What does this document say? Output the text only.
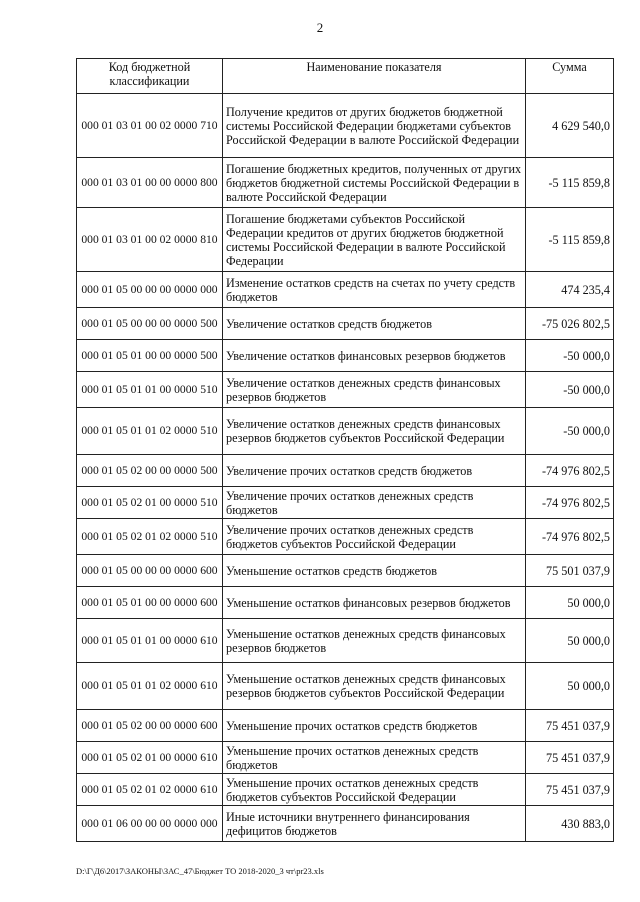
2
Код бюджетной классификации	Наименование показателя	Сумма
000 01 03 01 00 02 0000 710	Получение кредитов от других бюджетов бюджетной системы Российской Федерации бюджетами субъектов Российской Федерации в валюте Российской Федерации	4 629 540,0
000 01 03 01 00 00 0000 800	Погашение бюджетных кредитов, полученных от других бюджетов бюджетной системы Российской Федерации в валюте Российской Федерации	-5 115 859,8
000 01 03 01 00 02 0000 810	Погашение бюджетами субъектов Российской Федерации кредитов от других бюджетов бюджетной системы Российской Федерации в валюте Российской Федерации	-5 115 859,8
000 01 05 00 00 00 0000 000	Изменение остатков средств на счетах по учету средств бюджетов	474 235,4
000 01 05 00 00 00 0000 500	Увеличение остатков средств бюджетов	-75 026 802,5
000 01 05 01 00 00 0000 500	Увеличение остатков финансовых резервов бюджетов	-50 000,0
000 01 05 01 01 00 0000 510	Увеличение остатков денежных средств финансовых резервов бюджетов	-50 000,0
000 01 05 01 01 02 0000 510	Увеличение остатков денежных средств финансовых резервов бюджетов субъектов Российской Федерации	-50 000,0
000 01 05 02 00 00 0000 500	Увеличение прочих остатков средств бюджетов	-74 976 802,5
000 01 05 02 01 00 0000 510	Увеличение прочих остатков денежных средств бюджетов	-74 976 802,5
000 01 05 02 01 02 0000 510	Увеличение прочих остатков денежных средств бюджетов субъектов Российской Федерации	-74 976 802,5
000 01 05 00 00 00 0000 600	Уменьшение остатков средств бюджетов	75 501 037,9
000 01 05 01 00 00 0000 600	Уменьшение остатков финансовых резервов бюджетов	50 000,0
000 01 05 01 01 00 0000 610	Уменьшение остатков денежных средств финансовых резервов бюджетов	50 000,0
000 01 05 01 01 02 0000 610	Уменьшение остатков денежных средств финансовых резервов бюджетов субъектов Российской Федерации	50 000,0
000 01 05 02 00 00 0000 600	Уменьшение прочих остатков средств бюджетов	75 451 037,9
000 01 05 02 01 00 0000 610	Уменьшение прочих остатков денежных средств бюджетов	75 451 037,9
000 01 05 02 01 02 0000 610	Уменьшение прочих остатков денежных средств бюджетов субъектов Российской Федерации	75 451 037,9
000 01 06 00 00 00 0000 000	Иные источники внутреннего финансирования дефицитов бюджетов	430 883,0
D:\Г\Д6\2017\ЗАКОНЫ\ЗАС_47\Бюджет ТО 2018-2020_3 чт\pr23.xls
